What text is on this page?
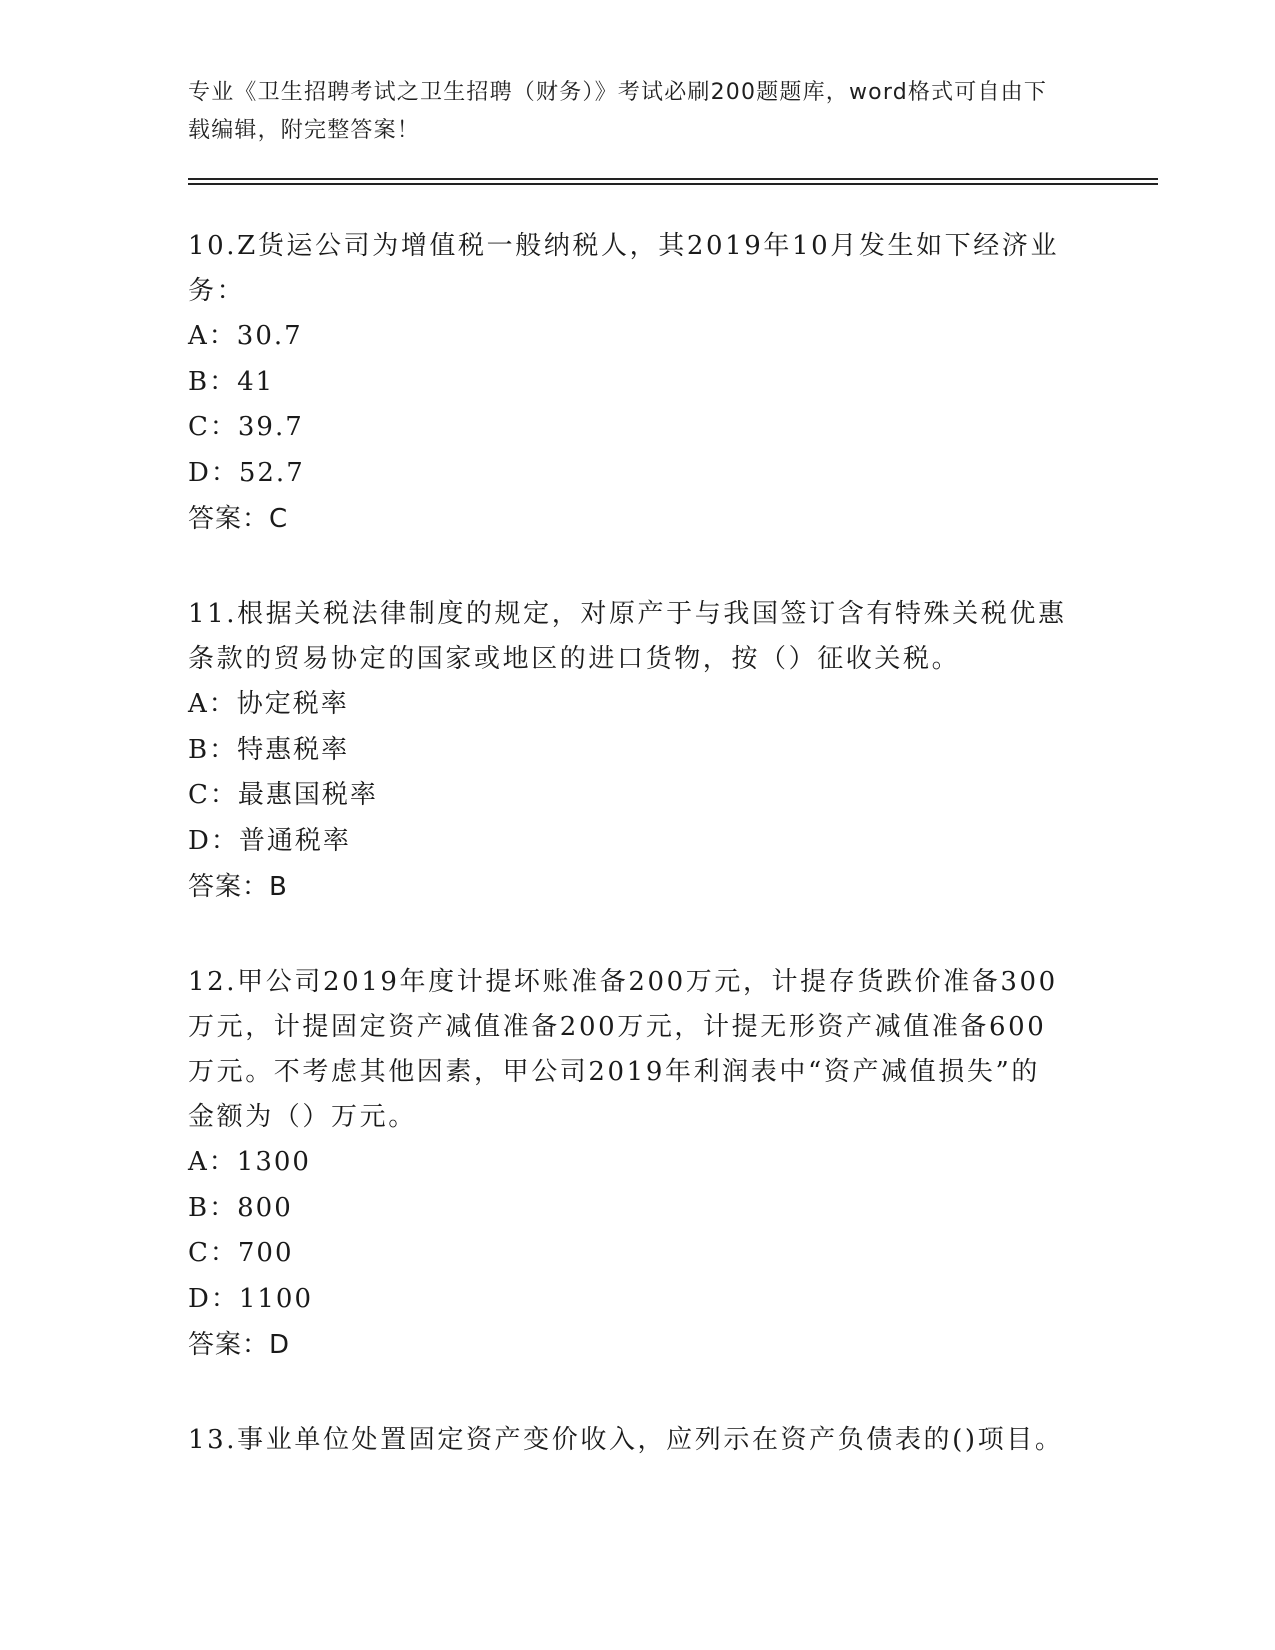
专业《卫生招聘考试之卫生招聘（财务）》考试必刷200题题库，word格式可自由下载编辑，附完整答案！
10.Z货运公司为增值税一般纳税人，其2019年10月发生如下经济业务：
A：30.7
B：41
C：39.7
D：52.7
答案：C
11.根据关税法律制度的规定，对原产于与我国签订含有特殊关税优惠条款的贸易协定的国家或地区的进口货物，按（）征收关税。
A：协定税率
B：特惠税率
C：最惠国税率
D：普通税率
答案：B
12.甲公司2019年度计提坏账准备200万元，计提存货跌价准备300万元，计提固定资产减值准备200万元，计提无形资产减值准备600万元。不考虑其他因素，甲公司2019年利润表中“资产减值损失”的金额为（）万元。
A：1300
B：800
C：700
D：1100
答案：D
13.事业单位处置固定资产变价收入，应列示在资产负债表的()项目。
